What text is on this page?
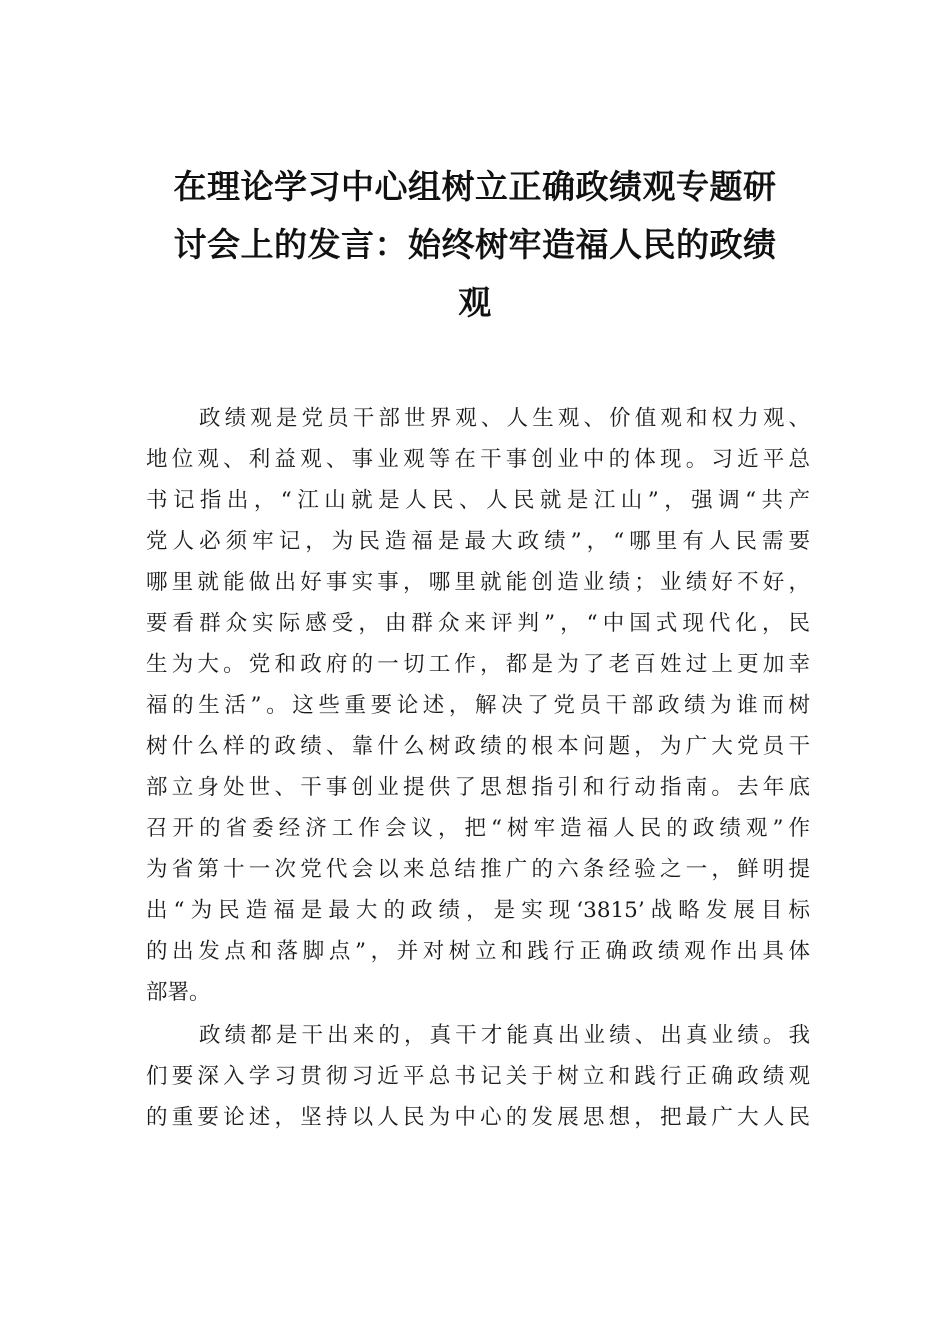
在理论学习中心组树立正确政绩观专题研
讨会上的发言：始终树牢造福人民的政绩
观

政绩观是党员干部世界观、人生观、价值观和权力观、
地位观、利益观、事业观等在干事创业中的体现。习近平总
书记指出，“江山就是人民、人民就是江山”，强调“共产
党人必须牢记，为民造福是最大政绩”，“哪里有人民需要
哪里就能做出好事实事，哪里就能创造业绩；业绩好不好，
要看群众实际感受，由群众来评判”，“中国式现代化，民
生为大。党和政府的一切工作，都是为了老百姓过上更加幸
福的生活”。这些重要论述，解决了党员干部政绩为谁而树
树什么样的政绩、靠什么树政绩的根本问题，为广大党员干
部立身处世、干事创业提供了思想指引和行动指南。去年底
召开的省委经济工作会议，把“树牢造福人民的政绩观”作
为省第十一次党代会以来总结推广的六条经验之一，鲜明提
出“为民造福是最大的政绩，是实现‘3815’战略发展目标
的出发点和落脚点”，并对树立和践行正确政绩观作出具体
部署。

政绩都是干出来的，真干才能真出业绩、出真业绩。我
们要深入学习贯彻习近平总书记关于树立和践行正确政绩观
的重要论述，坚持以人民为中心的发展思想，把最广大人民
